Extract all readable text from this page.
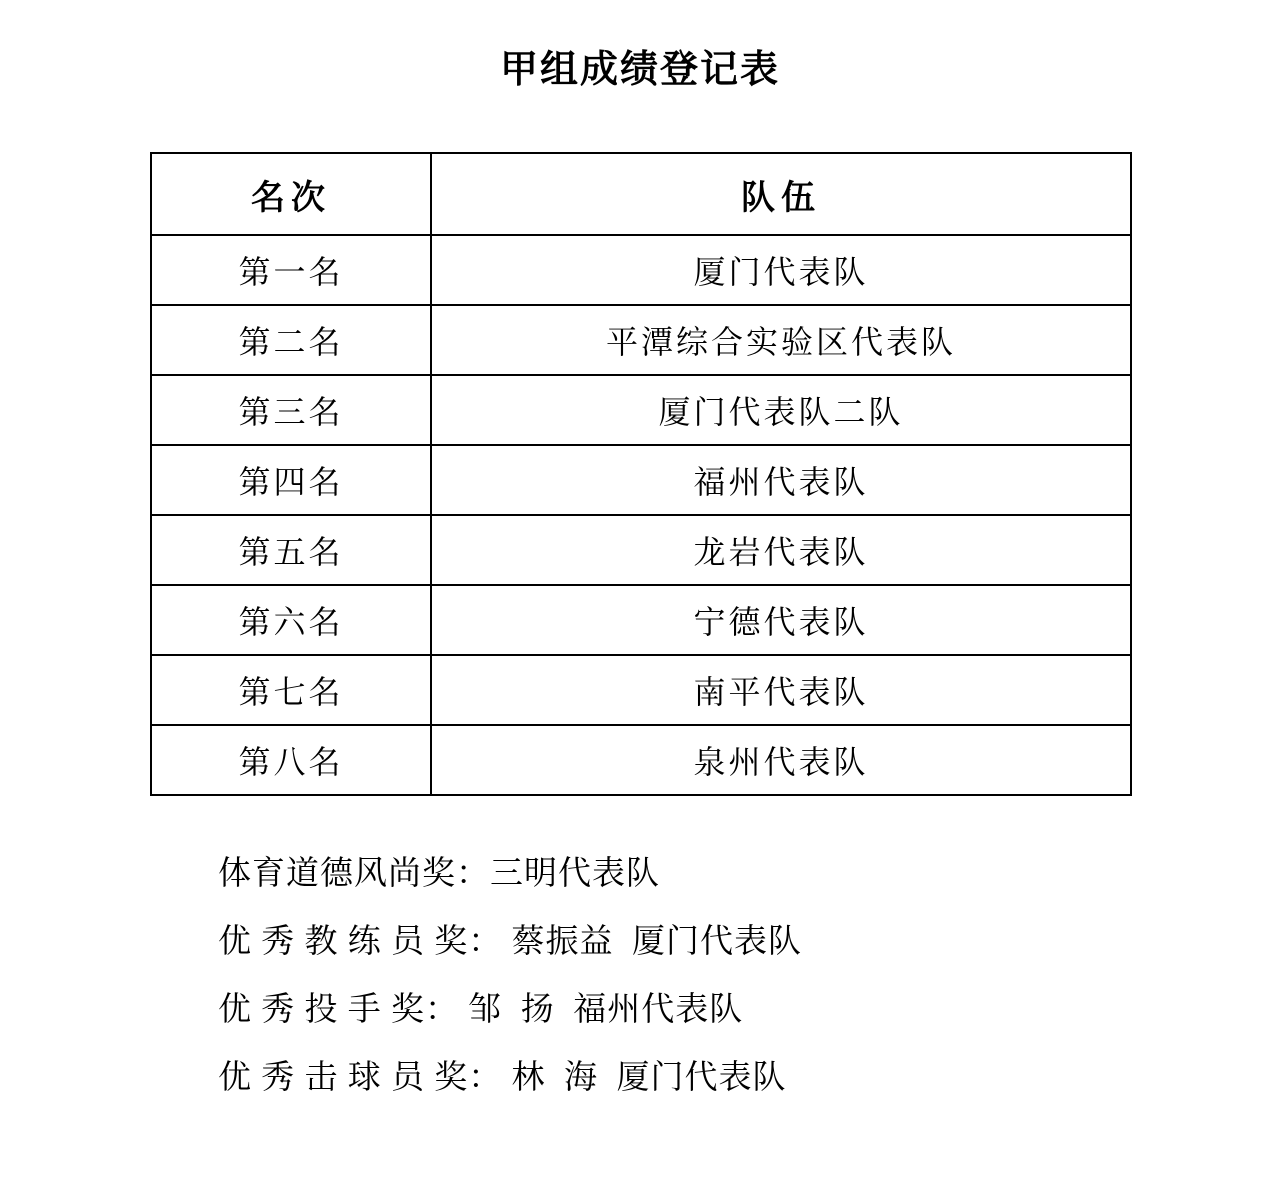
甲组成绩登记表
名次	队伍
第一名	厦门代表队
第二名	平潭综合实验区代表队
第三名	厦门代表队二队
第四名	福州代表队
第五名	龙岩代表队
第六名	宁德代表队
第七名	南平代表队
第八名	泉州代表队
体育道德风尚奖：三明代表队
优 秀 教 练 员 奖： 蔡振益  厦门代表队
优 秀 投 手 奖： 邹  扬  福州代表队
优 秀 击 球 员 奖： 林  海  厦门代表队
